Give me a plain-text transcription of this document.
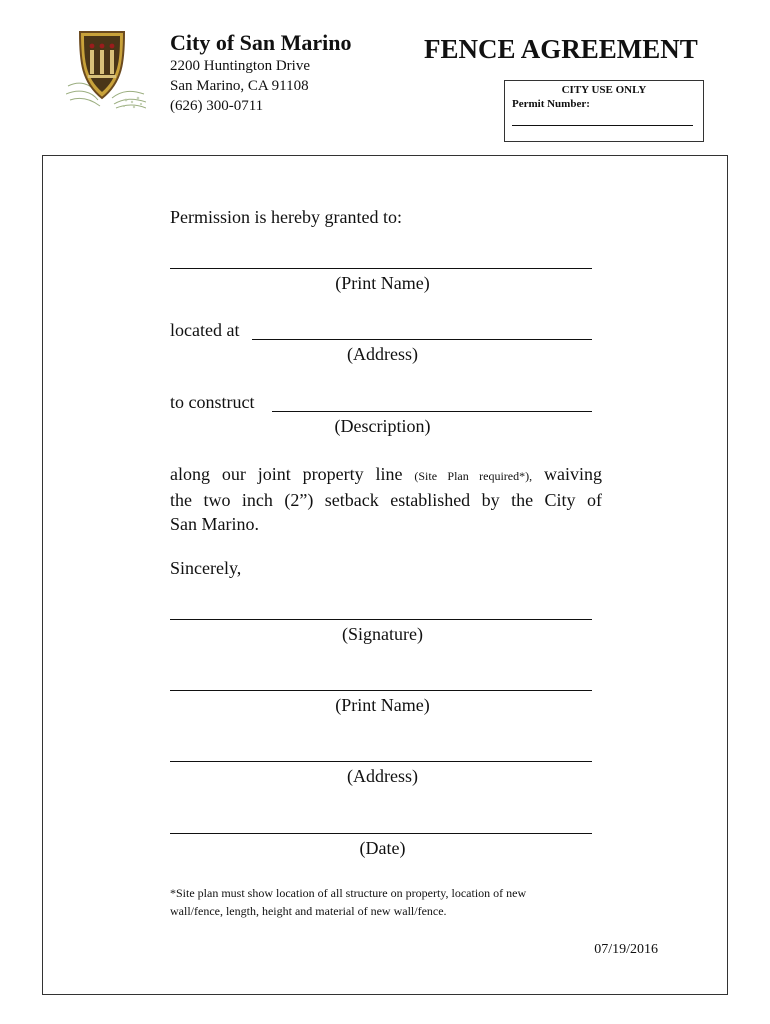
City of San Marino
2200 Huntington Drive
San Marino, CA 91108
(626) 300-0711
FENCE AGREEMENT
CITY USE ONLY
Permit Number:
Permission is hereby granted to:
(Print Name)
located at
(Address)
to construct
(Description)
along our joint property line (Site Plan required*), waiving
the two inch (2”) setback established by the City of
San Marino.
Sincerely,
(Signature)
(Print Name)
(Address)
(Date)
*Site plan must show location of all structure on property, location of new
wall/fence, length, height and material of new wall/fence.
07/19/2016
